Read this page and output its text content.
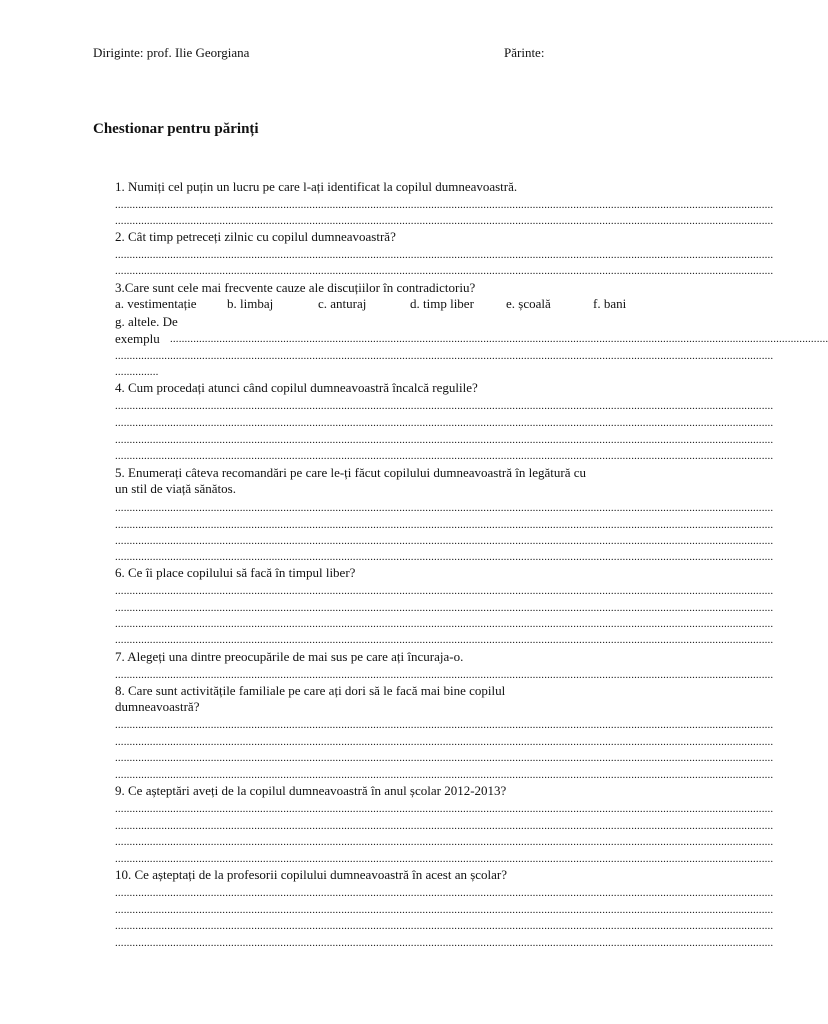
Diriginte: prof. Ilie Georgiana	Părinte:
Chestionar pentru părinți
1. Numiți cel puțin un lucru pe care l-ați identificat la copilul dumneavoastră.
...................................................................................................................................................................................................................................
...................................................................................................................................................................................................................................
2. Cât timp petreceți zilnic cu copilul dumneavoastră?
...................................................................................................................................................................................................................................
...................................................................................................................................................................................................................................
3.Care sunt cele mai frecvente cauze ale discuțiilor în contradictoriu?
a. vestimentație b. limbaj	c. anturaj	d. timp liber e. școală	f. bani
g. altele. De
exemplu ...................................................................................................................................................................................................................................
...................................................................................................................................................................................................................................
...............
4. Cum procedați atunci când copilul dumneavoastră încalcă regulile?
...................................................................................................................................................................................................................................
...................................................................................................................................................................................................................................
...................................................................................................................................................................................................................................
...................................................................................................................................................................................................................................
5. Enumerați câteva recomandări pe care le-ți făcut copilului dumneavoastră în legătură cu
un stil de viață sănătos.
...................................................................................................................................................................................................................................
...................................................................................................................................................................................................................................
...................................................................................................................................................................................................................................
...................................................................................................................................................................................................................................
6. Ce îi place copilului să facă în timpul liber?
...................................................................................................................................................................................................................................
...................................................................................................................................................................................................................................
...................................................................................................................................................................................................................................
...................................................................................................................................................................................................................................
7. Alegeți una dintre preocupările de mai sus pe care ați încuraja-o.
...................................................................................................................................................................................................................................
8. Care sunt activitățile familiale pe care ați dori să le facă mai bine copilul
dumneavoastră?
...................................................................................................................................................................................................................................
...................................................................................................................................................................................................................................
...................................................................................................................................................................................................................................
...................................................................................................................................................................................................................................
9. Ce așteptări aveți de la copilul dumneavoastră în anul școlar 2012-2013?
...................................................................................................................................................................................................................................
...................................................................................................................................................................................................................................
...................................................................................................................................................................................................................................
...................................................................................................................................................................................................................................
10. Ce așteptați de la profesorii copilului dumneavoastră în acest an școlar?
...................................................................................................................................................................................................................................
...................................................................................................................................................................................................................................
...................................................................................................................................................................................................................................
...................................................................................................................................................................................................................................
